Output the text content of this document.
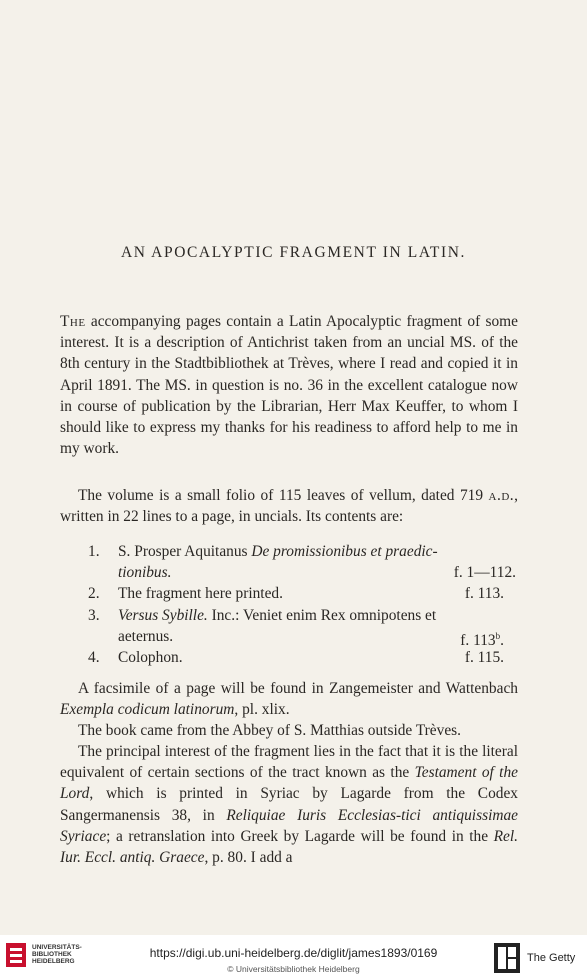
AN APOCALYPTIC FRAGMENT IN LATIN.
The accompanying pages contain a Latin Apocalyptic fragment of some interest. It is a description of Antichrist taken from an uncial MS. of the 8th century in the Stadtbibliothek at Trèves, where I read and copied it in April 1891. The MS. in question is no. 36 in the excellent catalogue now in course of publication by the Librarian, Herr Max Keuffer, to whom I should like to express my thanks for his readiness to afford help to me in my work.
The volume is a small folio of 115 leaves of vellum, dated 719 a.d., written in 22 lines to a page, in uncials. Its contents are:
1. S. Prosper Aquitanus De promissionibus et praedic-
tionibus.	f. 1—112.
2. The fragment here printed.	f. 113.
3. Versus Sybille. Inc.: Veniet enim Rex omnipotens et
aeternus.	f. 113$^b$.
4. Colophon.	f. 115.
A facsimile of a page will be found in Zangemeister and Wattenbach Exempla codicum latinorum, pl. xlix.
The book came from the Abbey of S. Matthias outside Trèves.
The principal interest of the fragment lies in the fact that it is the literal equivalent of certain sections of the tract known as the Testament of the Lord, which is printed in Syriac by Lagarde from the Codex Sangermanensis 38, in Reliquiae Iuris Ecclesias-tici antiquissimae Syriace; a retranslation into Greek by Lagarde will be found in the Rel. Iur. Eccl. antiq. Graece, p. 80. I add a
UNIVERSITÄTS-
BIBLIOTHEK
HEIDELBERG
https://digi.ub.uni-heidelberg.de/diglit/james1893/0169
© Universitätsbibliothek Heidelberg
The Getty
